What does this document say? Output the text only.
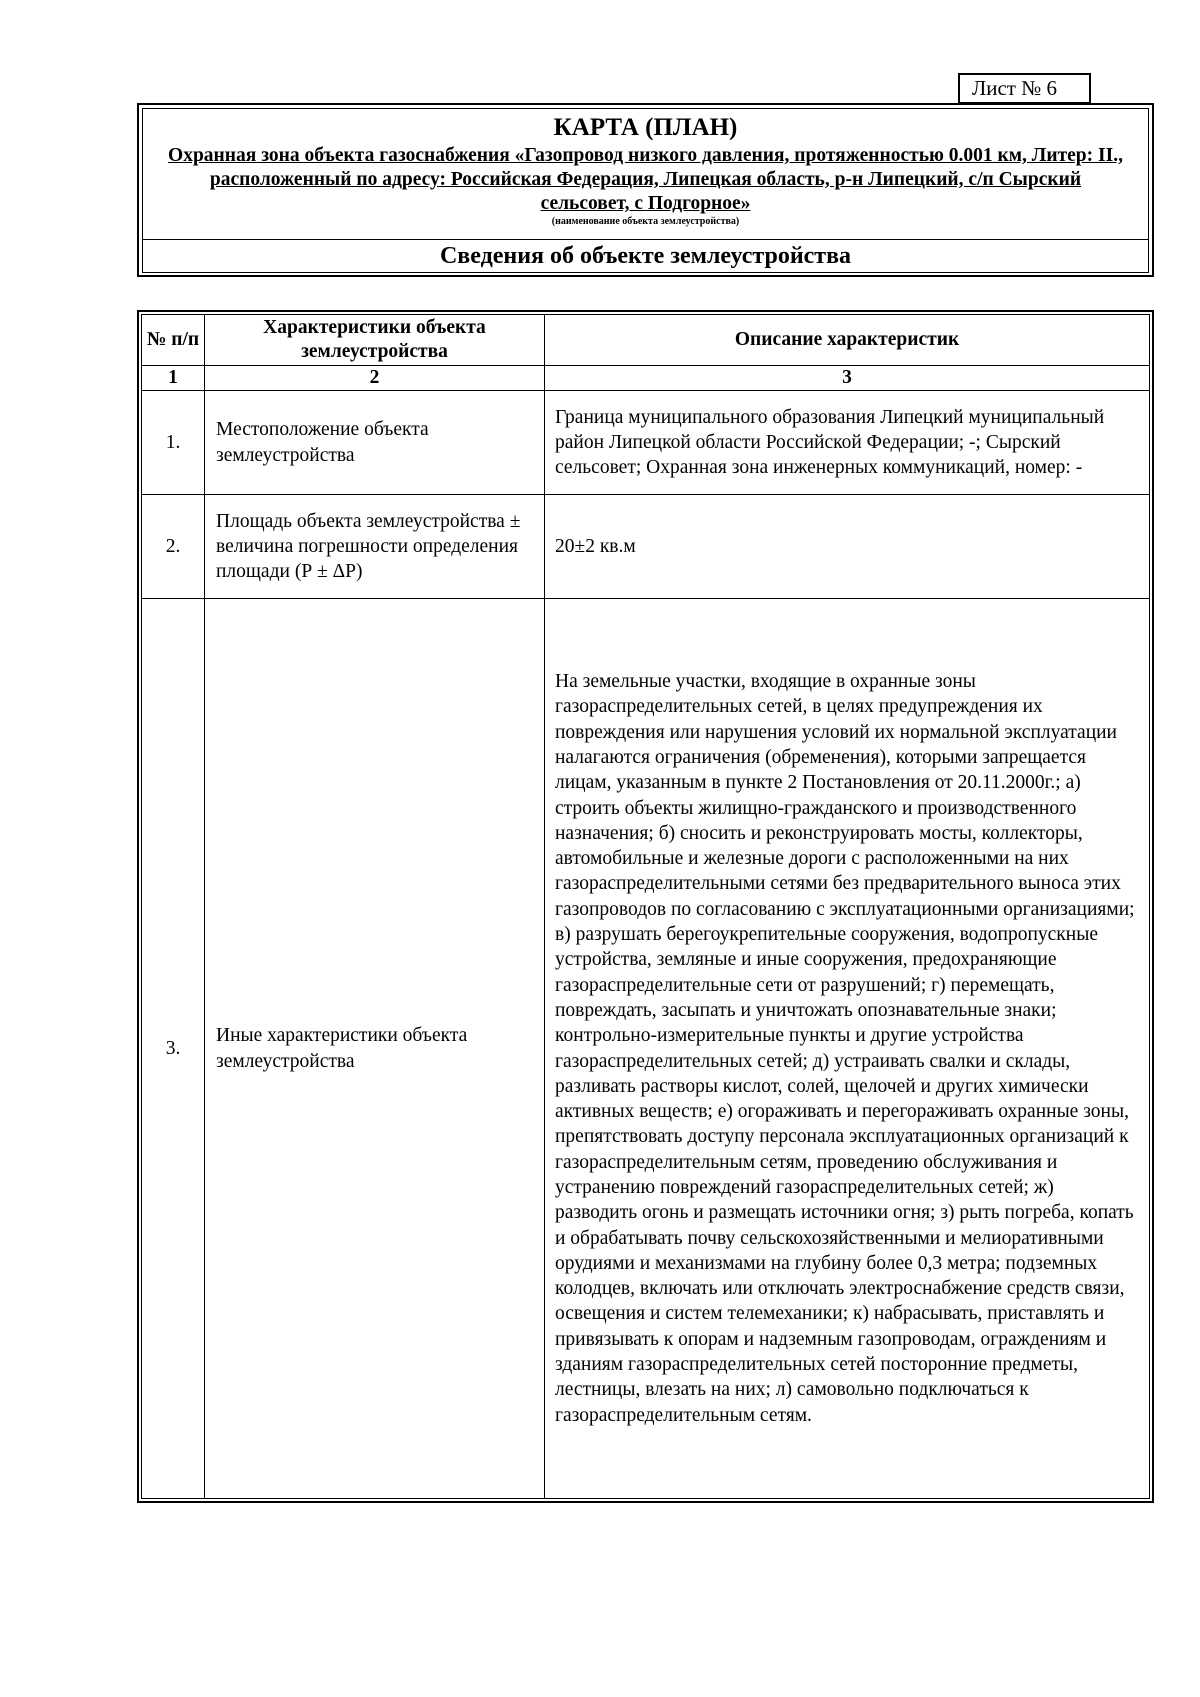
Лист № 6
КАРТА (ПЛАН)
Охранная зона объекта газоснабжения «Газопровод низкого давления, протяженностью 0.001 км, Литер: II., расположенный по адресу: Российская Федерация, Липецкая область, р-н Липецкий, с/п Сырский сельсовет, с Подгорное»
(наименование объекта землеустройства)
Сведения об объекте землеустройства
№ п/п	Характеристики объекта землеустройства	Описание характеристик
1	2	3
1.	Местоположение объекта землеустройства	Граница муниципального образования Липецкий муниципальный район Липецкой области Российской Федерации; -; Сырский сельсовет; Охранная зона инженерных коммуникаций, номер: -
2.	Площадь объекта землеустройства ± величина погрешности определения площади (Р ± ΔР)	20±2 кв.м
3.	Иные характеристики объекта землеустройства	На земельные участки, входящие в охранные зоны газораспределительных сетей, в целях предупреждения их повреждения или нарушения условий их нормальной эксплуатации налагаются ограничения (обременения), которыми запрещается лицам, указанным в пункте 2 Постановления от 20.11.2000г.; а) строить объекты жилищно-гражданского и производственного назначения; б) сносить и реконструировать мосты, коллекторы, автомобильные и железные дороги с расположенными на них газораспределительными сетями без предварительного выноса этих газопроводов по согласованию с эксплуатационными организациями; в) разрушать берегоукрепительные сооружения, водопропускные устройства, земляные и иные сооружения, предохраняющие газораспределительные сети от разрушений; г) перемещать, повреждать, засыпать и уничтожать опознавательные знаки; контрольно-измерительные пункты и другие устройства газораспределительных сетей; д) устраивать свалки и склады, разливать растворы кислот, солей, щелочей и других химически активных веществ; е) огораживать и перегораживать охранные зоны, препятствовать доступу персонала эксплуатационных организаций к газораспределительным сетям, проведению обслуживания и устранению повреждений газораспределительных сетей; ж) разводить огонь и размещать источники огня; з) рыть погреба, копать и обрабатывать почву сельскохозяйственными и мелиоративными орудиями и механизмами на глубину более 0,3 метра; подземных колодцев, включать или отключать электроснабжение средств связи, освещения и систем телемеханики; к) набрасывать, приставлять и привязывать к опорам и надземным газопроводам, ограждениям и зданиям газораспределительных сетей посторонние предметы, лестницы, влезать на них; л) самовольно подключаться к газораспределительным сетям.
